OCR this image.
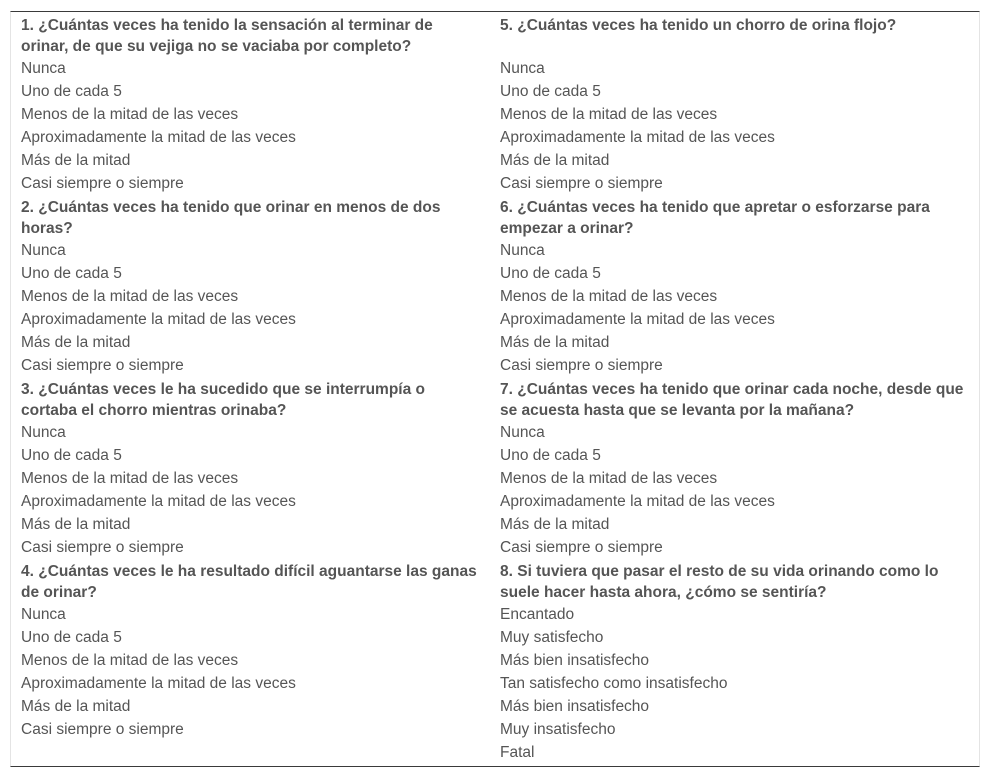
1. ¿Cuántas veces ha tenido la sensación al terminar de orinar, de que su vejiga no se vaciaba por completo?
Nunca
Uno de cada 5
Menos de la mitad de las veces
Aproximadamente la mitad de las veces
Más de la mitad
Casi siempre o siempre
2. ¿Cuántas veces ha tenido que orinar en menos de dos horas?
Nunca
Uno de cada 5
Menos de la mitad de las veces
Aproximadamente la mitad de las veces
Más de la mitad
Casi siempre o siempre
3. ¿Cuántas veces le ha sucedido que se interrumpía o cortaba el chorro mientras orinaba?
Nunca
Uno de cada 5
Menos de la mitad de las veces
Aproximadamente la mitad de las veces
Más de la mitad
Casi siempre o siempre
4. ¿Cuántas veces le ha resultado difícil aguantarse las ganas de orinar?
Nunca
Uno de cada 5
Menos de la mitad de las veces
Aproximadamente la mitad de las veces
Más de la mitad
Casi siempre o siempre
5. ¿Cuántas veces ha tenido un chorro de orina flojo?
Nunca
Uno de cada 5
Menos de la mitad de las veces
Aproximadamente la mitad de las veces
Más de la mitad
Casi siempre o siempre
6. ¿Cuántas veces ha tenido que apretar o esforzarse para empezar a orinar?
Nunca
Uno de cada 5
Menos de la mitad de las veces
Aproximadamente la mitad de las veces
Más de la mitad
Casi siempre o siempre
7. ¿Cuántas veces ha tenido que orinar cada noche, desde que se acuesta hasta que se levanta por la mañana?
Nunca
Uno de cada 5
Menos de la mitad de las veces
Aproximadamente la mitad de las veces
Más de la mitad
Casi siempre o siempre
8. Si tuviera que pasar el resto de su vida orinando como lo suele hacer hasta ahora, ¿cómo se sentiría?
Encantado
Muy satisfecho
Más bien insatisfecho
Tan satisfecho como insatisfecho
Más bien insatisfecho
Muy insatisfecho
Fatal
